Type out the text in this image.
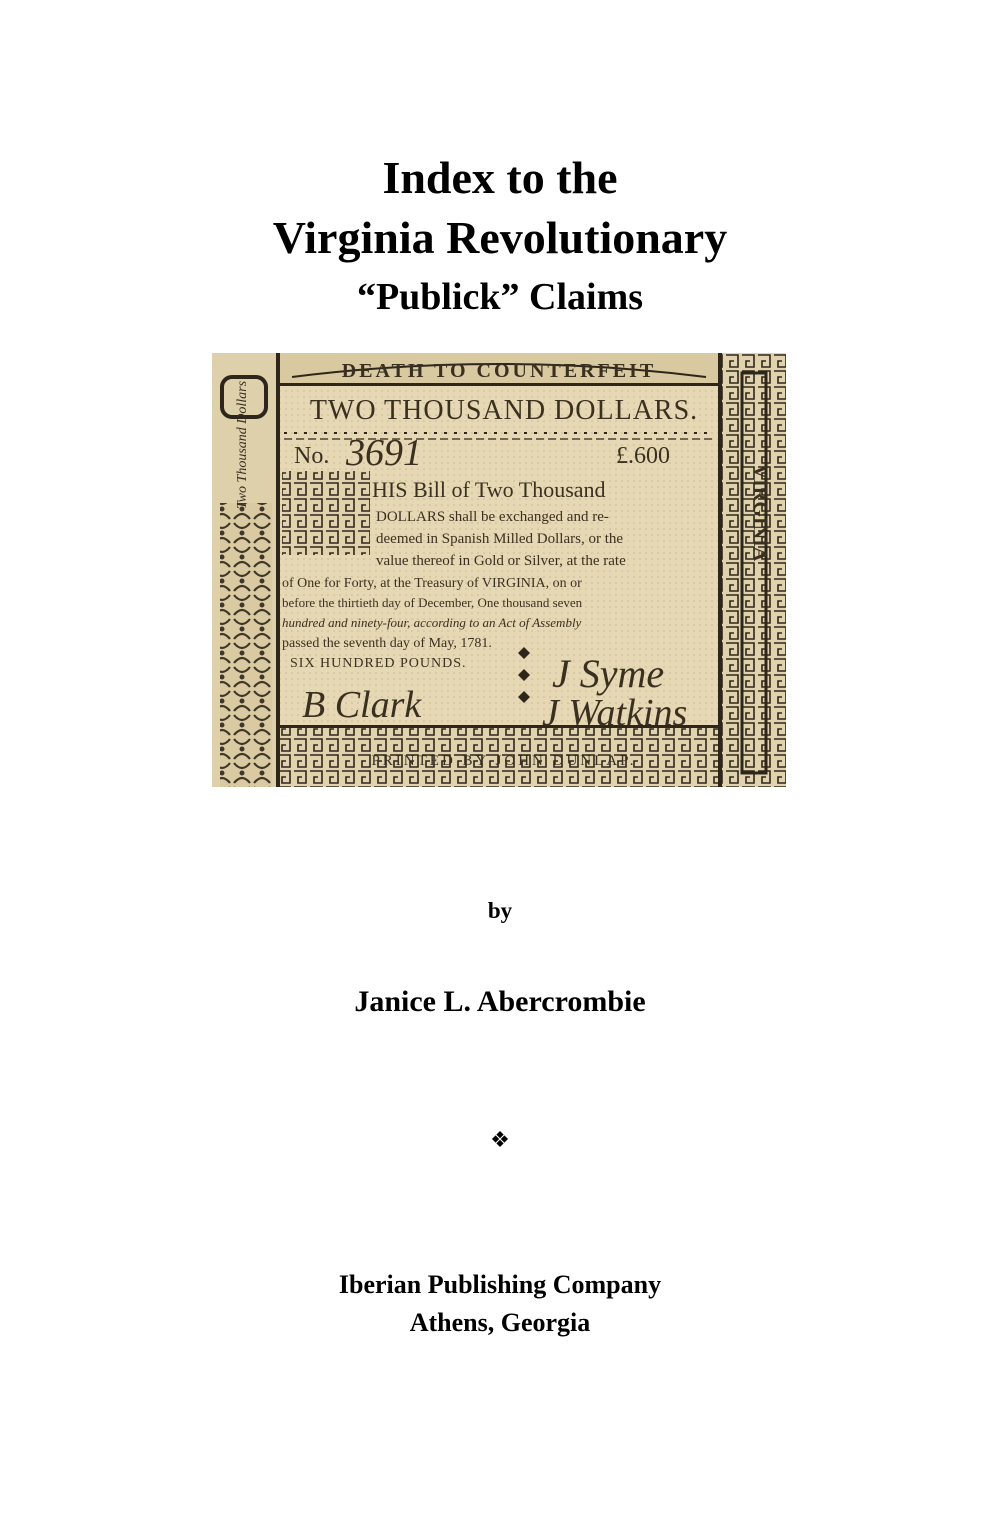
Index to the
Virginia Revolutionary
“Publick” Claims
DEATH TO COUNTERFEIT
TWO THOUSAND DOLLARS.
No. 3691	£.600
HIS Bill of Two Thousand
DOLLARS shall be exchanged and re-
deemed in Spanish Milled Dollars, or the
value thereof in Gold or Silver, at the rate
of One for Forty, at the Treasury of VIRGINIA, on or
before the thirtieth day of December, One thousand seven
hundred and ninety-four, according to an Act of Assembly
passed the seventh day of May, 1781.
SIX HUNDRED POUNDS.
B Clark
J Syme
J Watkins
PRINTED BY JOHN DUNLAP.
Two Thousand Dollars
VIRGINIA
by
Janice L. Abercrombie
❖
Iberian Publishing Company
Athens, Georgia
